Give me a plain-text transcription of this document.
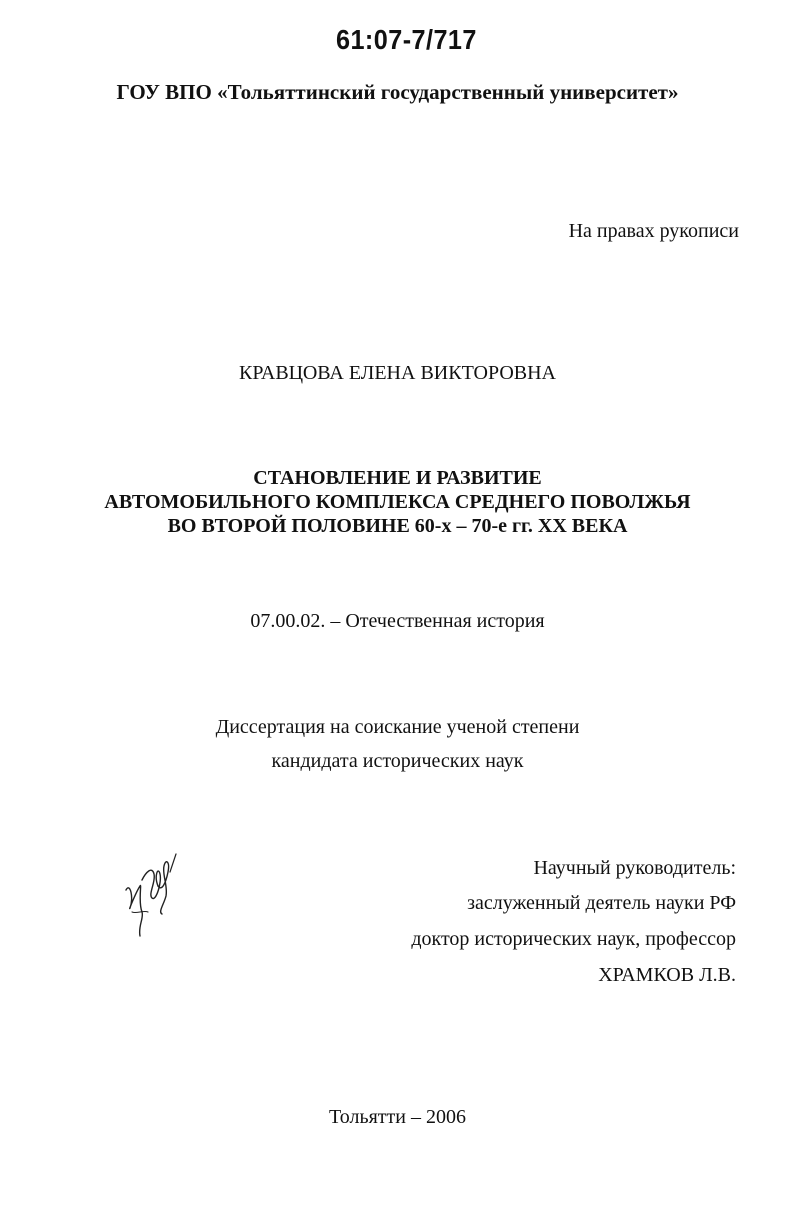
61:07-7/717
ГОУ ВПО «Тольяттинский государственный университет»
На правах рукописи
КРАВЦОВА ЕЛЕНА ВИКТОРОВНА
СТАНОВЛЕНИЕ И РАЗВИТИЕ
АВТОМОБИЛЬНОГО КОМПЛЕКСА СРЕДНЕГО ПОВОЛЖЬЯ
ВО ВТОРОЙ ПОЛОВИНЕ 60-х – 70-е гг. XX ВЕКА
07.00.02. – Отечественная история
Диссертация на соискание ученой степени
кандидата исторических наук
Научный руководитель:
заслуженный деятель науки РФ
доктор исторических наук, профессор
ХРАМКОВ Л.В.
Тольятти – 2006
